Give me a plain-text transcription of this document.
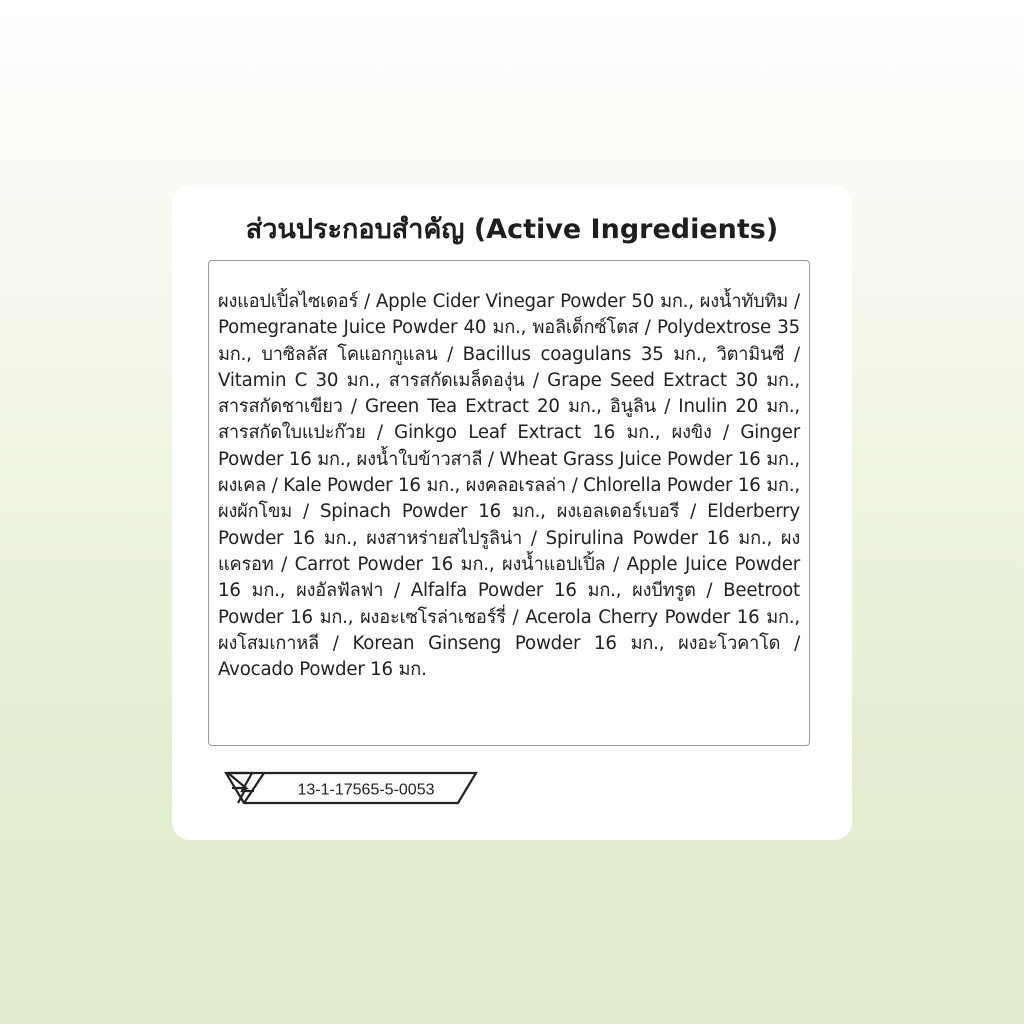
ส่วนประกอบสำคัญ (Active Ingredients)

ผงแอปเปิ้ลไซเดอร์ / Apple Cider Vinegar Powder 50 มก., ผงน้ำทับทิม / Pomegranate Juice Powder 40 มก., พอลิเด็กซ์โตส / Polydextrose 35 มก., บาซิลลัส โคแอกกูแลน / Bacillus coagulans 35 มก., วิตามินซี / Vitamin C 30 มก., สารสกัดเมล็ดองุ่น / Grape Seed Extract 30 มก., สารสกัดชาเขียว / Green Tea Extract 20 มก., อินูลิน / Inulin 20 มก., สารสกัดใบแปะก๊วย / Ginkgo Leaf Extract 16 มก., ผงขิง / Ginger Powder 16 มก., ผงน้ำใบข้าวสาลี / Wheat Grass Juice Powder 16 มก., ผงเคล / Kale Powder 16 มก., ผงคลอเรลล่า / Chlorella Powder 16 มก., ผงผักโขม / Spinach Powder 16 มก., ผงเอลเดอร์เบอรี / Elderberry Powder 16 มก., ผงสาหร่ายสไปรูลิน่า / Spirulina Powder 16 มก., ผงแครอท / Carrot Powder 16 มก., ผงน้ำแอปเปิ้ล / Apple Juice Powder 16 มก., ผงอัลฟัลฟา / Alfalfa Powder 16 มก., ผงบีทรูต / Beetroot Powder 16 มก., ผงอะเซโรล่าเชอร์รี่ / Acerola Cherry Powder 16 มก., ผงโสมเกาหลี / Korean Ginseng Powder 16 มก., ผงอะโวคาโด / Avocado Powder 16 มก.

13-1-17565-5-0053
